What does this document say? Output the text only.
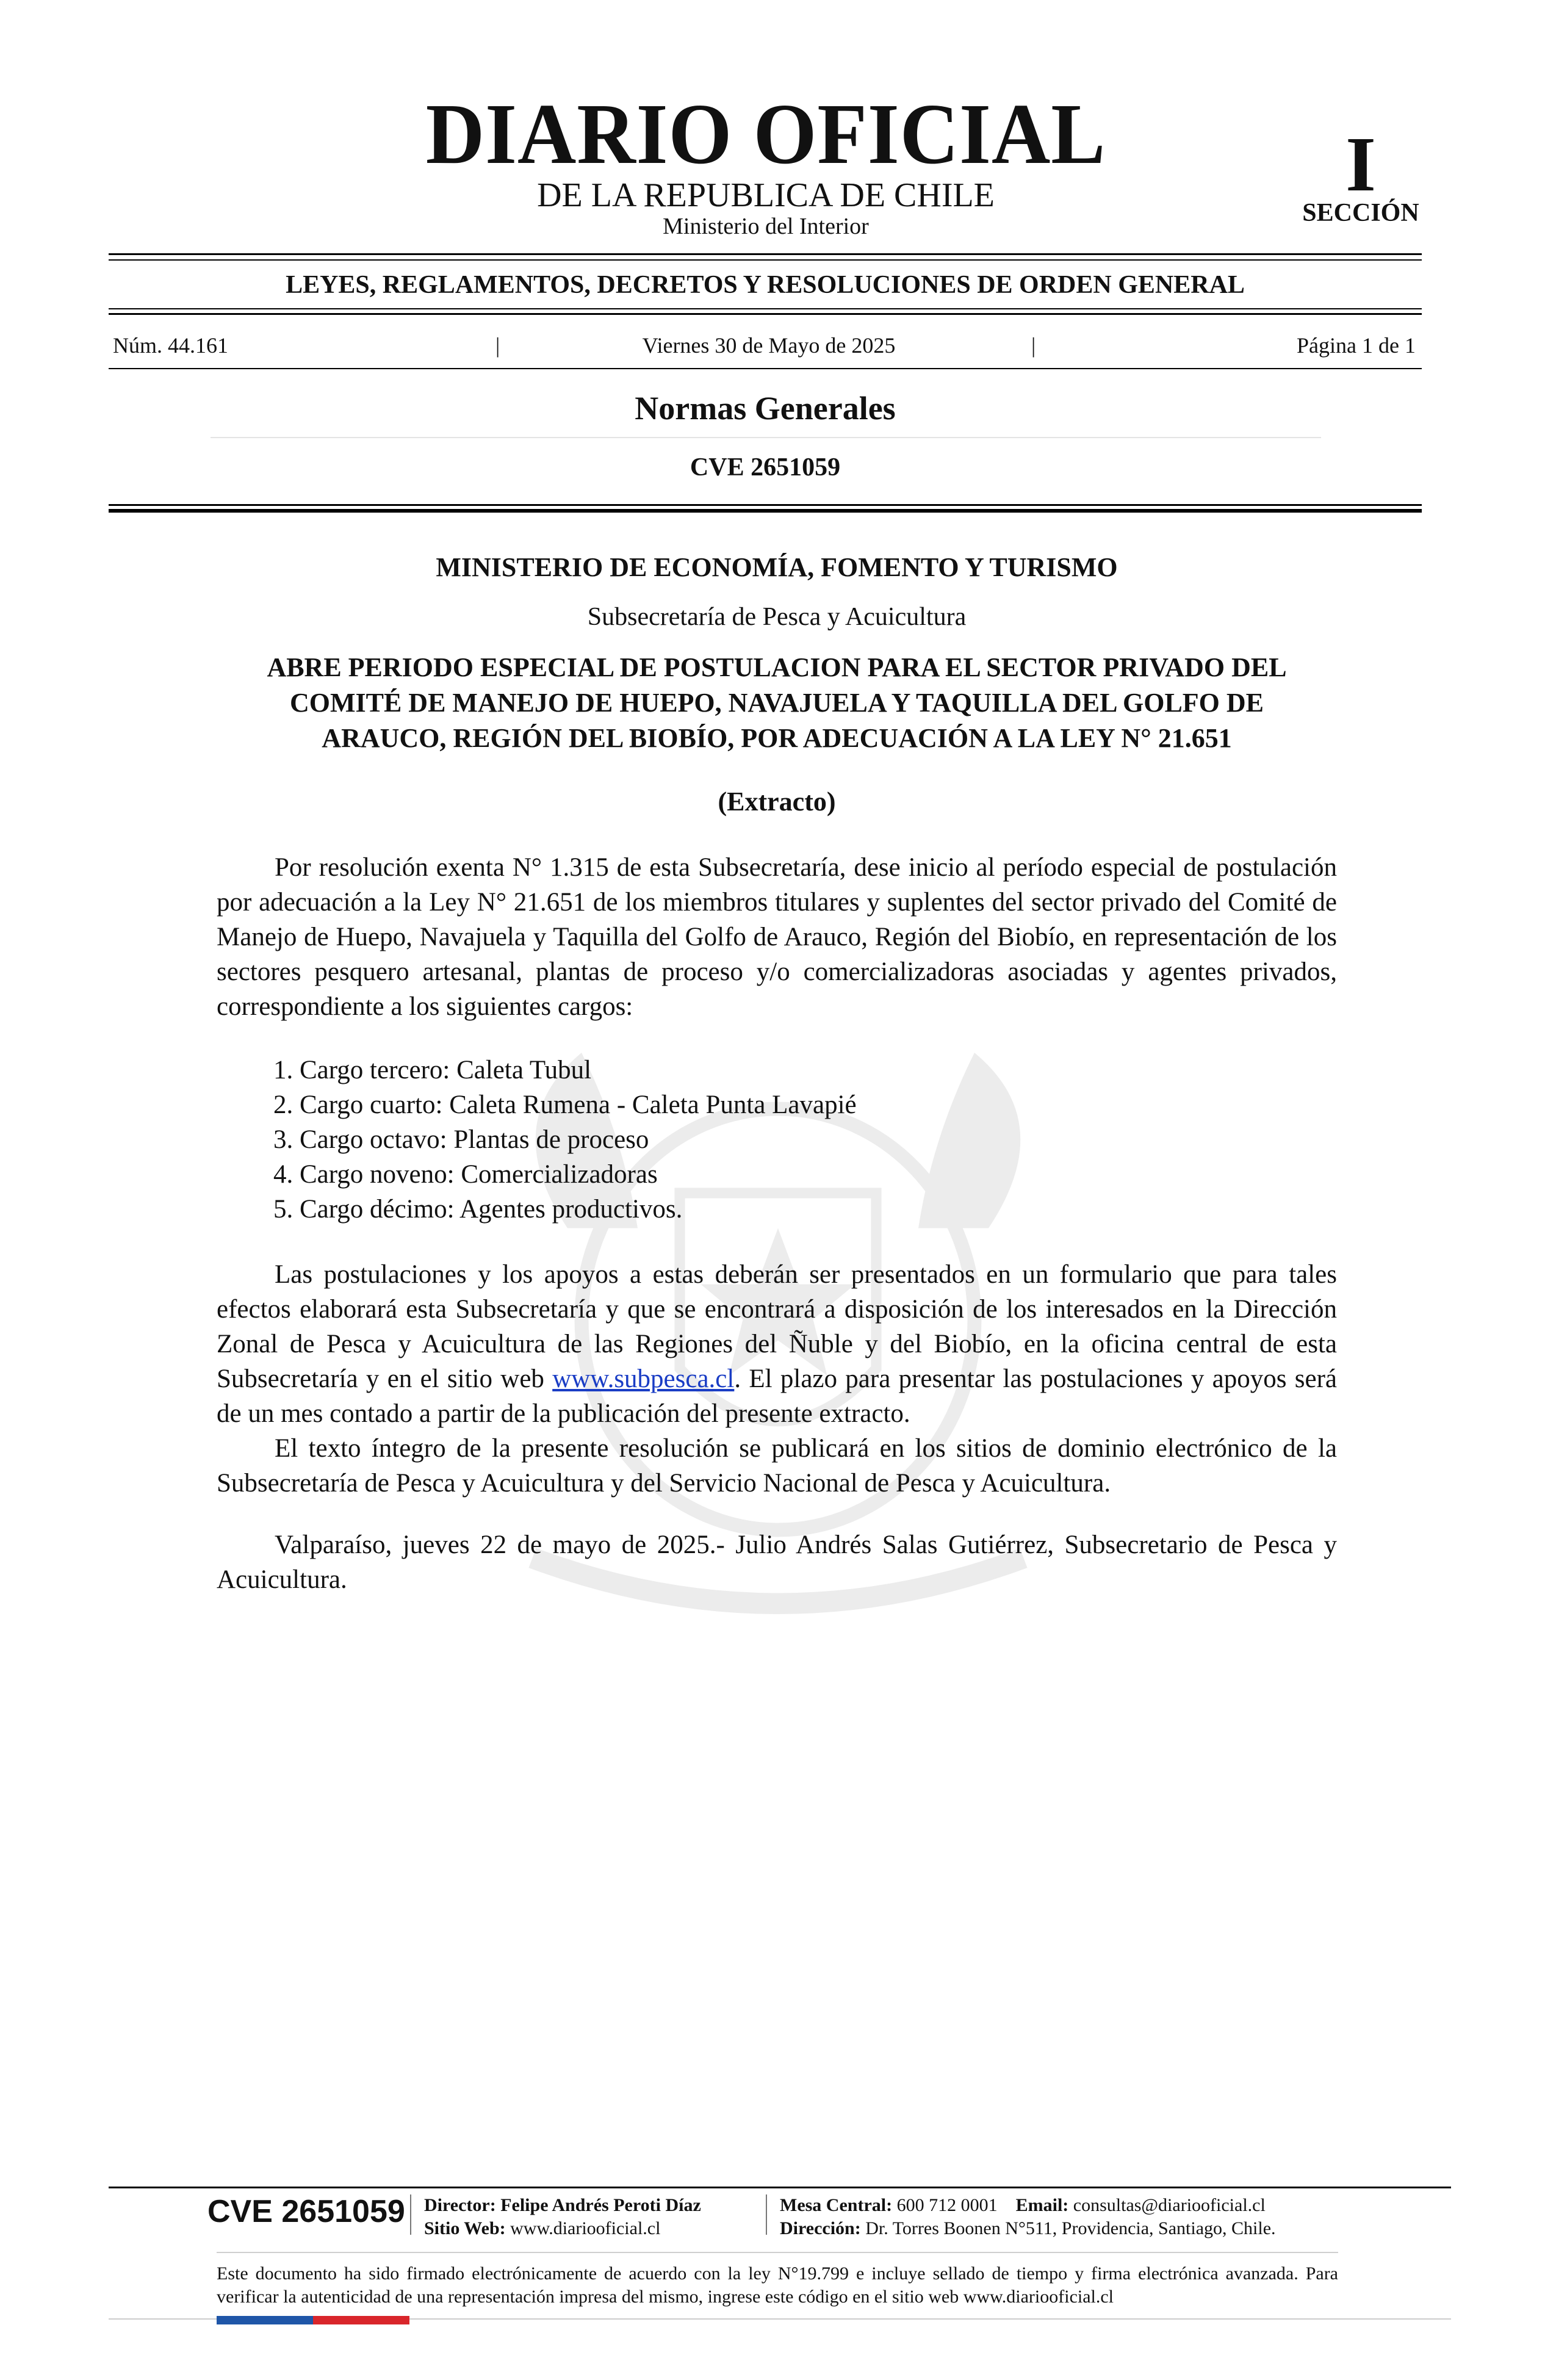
DIARIO OFICIAL
DE LA REPUBLICA DE CHILE
Ministerio del Interior
I
SECCIÓN
LEYES, REGLAMENTOS, DECRETOS Y RESOLUCIONES DE ORDEN GENERAL
Núm. 44.161	|	Viernes 30 de Mayo de 2025	|	Página 1 de 1
Normas Generales
CVE 2651059
MINISTERIO DE ECONOMÍA, FOMENTO Y TURISMO
Subsecretaría de Pesca y Acuicultura
ABRE PERIODO ESPECIAL DE POSTULACION PARA EL SECTOR PRIVADO DEL
COMITÉ DE MANEJO DE HUEPO, NAVAJUELA Y TAQUILLA DEL GOLFO DE
ARAUCO, REGIÓN DEL BIOBÍO, POR ADECUACIÓN A LA LEY N° 21.651
(Extracto)

Por resolución exenta N° 1.315 de esta Subsecretaría, dese inicio al período especial de postulación por adecuación a la Ley N° 21.651 de los miembros titulares y suplentes del sector privado del Comité de Manejo de Huepo, Navajuela y Taquilla del Golfo de Arauco, Región del Biobío, en representación de los sectores pesquero artesanal, plantas de proceso y/o comercializadoras asociadas y agentes privados, correspondiente a los siguientes cargos:

1. Cargo tercero: Caleta Tubul
2. Cargo cuarto: Caleta Rumena - Caleta Punta Lavapié
3. Cargo octavo: Plantas de proceso
4. Cargo noveno: Comercializadoras
5. Cargo décimo: Agentes productivos.

Las postulaciones y los apoyos a estas deberán ser presentados en un formulario que para tales efectos elaborará esta Subsecretaría y que se encontrará a disposición de los interesados en la Dirección Zonal de Pesca y Acuicultura de las Regiones del Ñuble y del Biobío, en la oficina central de esta Subsecretaría y en el sitio web www.subpesca.cl. El plazo para presentar las postulaciones y apoyos será de un mes contado a partir de la publicación del presente extracto.

El texto íntegro de la presente resolución se publicará en los sitios de dominio electrónico de la Subsecretaría de Pesca y Acuicultura y del Servicio Nacional de Pesca y Acuicultura.

Valparaíso, jueves 22 de mayo de 2025.- Julio Andrés Salas Gutiérrez, Subsecretario de Pesca y Acuicultura.

CVE 2651059 Director: Felipe Andrés Peroti Díaz
Sitio Web: www.diariooficial.cl
Mesa Central: 600 712 0001 Email: consultas@diariooficial.cl
Dirección: Dr. Torres Boonen N°511, Providencia, Santiago, Chile.
Este documento ha sido firmado electrónicamente de acuerdo con la ley N°19.799 e incluye sellado de tiempo y firma electrónica avanzada. Para verificar la autenticidad de una representación impresa del mismo, ingrese este código en el sitio web www.diariooficial.cl
